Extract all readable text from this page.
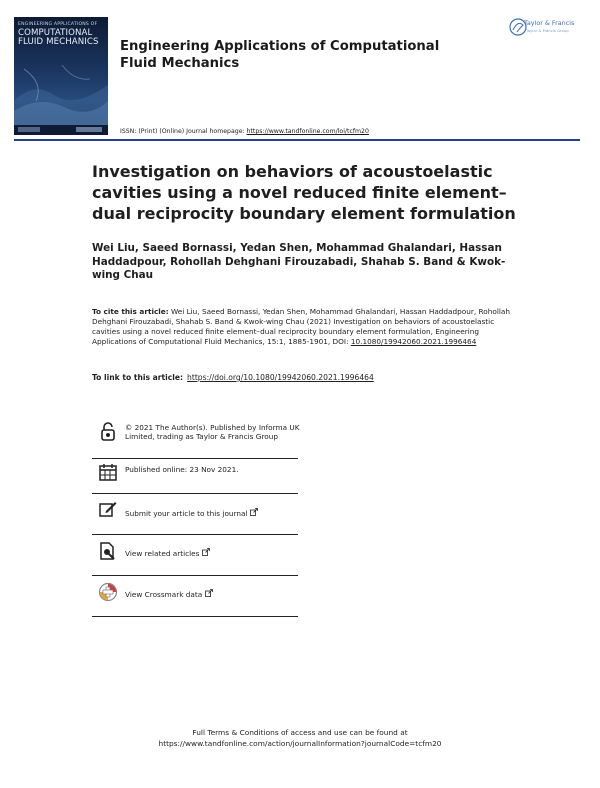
ENGINEERING APPLICATIONS OF
COMPUTATIONAL FLUID MECHANICS	Engineering Applications of Computational Fluid Mechanics
Taylor & Francis
Taylor & Francis Group
ISSN: (Print) (Online) Journal homepage: https://www.tandfonline.com/loi/tcfm20
Investigation on behaviors of acoustoelastic cavities using a novel reduced finite element–dual reciprocity boundary element formulation
Wei Liu, Saeed Bornassi, Yedan Shen, Mohammad Ghalandari, Hassan Haddadpour, Rohollah Dehghani Firouzabadi, Shahab S. Band & Kwok-wing Chau
To cite this article: Wei Liu, Saeed Bornassi, Yedan Shen, Mohammad Ghalandari, Hassan Haddadpour, Rohollah Dehghani Firouzabadi, Shahab S. Band & Kwok-wing Chau (2021) Investigation on behaviors of acoustoelastic cavities using a novel reduced finite element–dual reciprocity boundary element formulation, Engineering Applications of Computational Fluid Mechanics, 15:1, 1885-1901, DOI: 10.1080/19942060.2021.1996464
To link to this article: https://doi.org/10.1080/19942060.2021.1996464
© 2021 The Author(s). Published by Informa UK Limited, trading as Taylor & Francis Group
Published online: 23 Nov 2021.
Submit your article to this journal
View related articles
View Crossmark data
Full Terms & Conditions of access and use can be found at
https://www.tandfonline.com/action/journalInformation?journalCode=tcfm20
